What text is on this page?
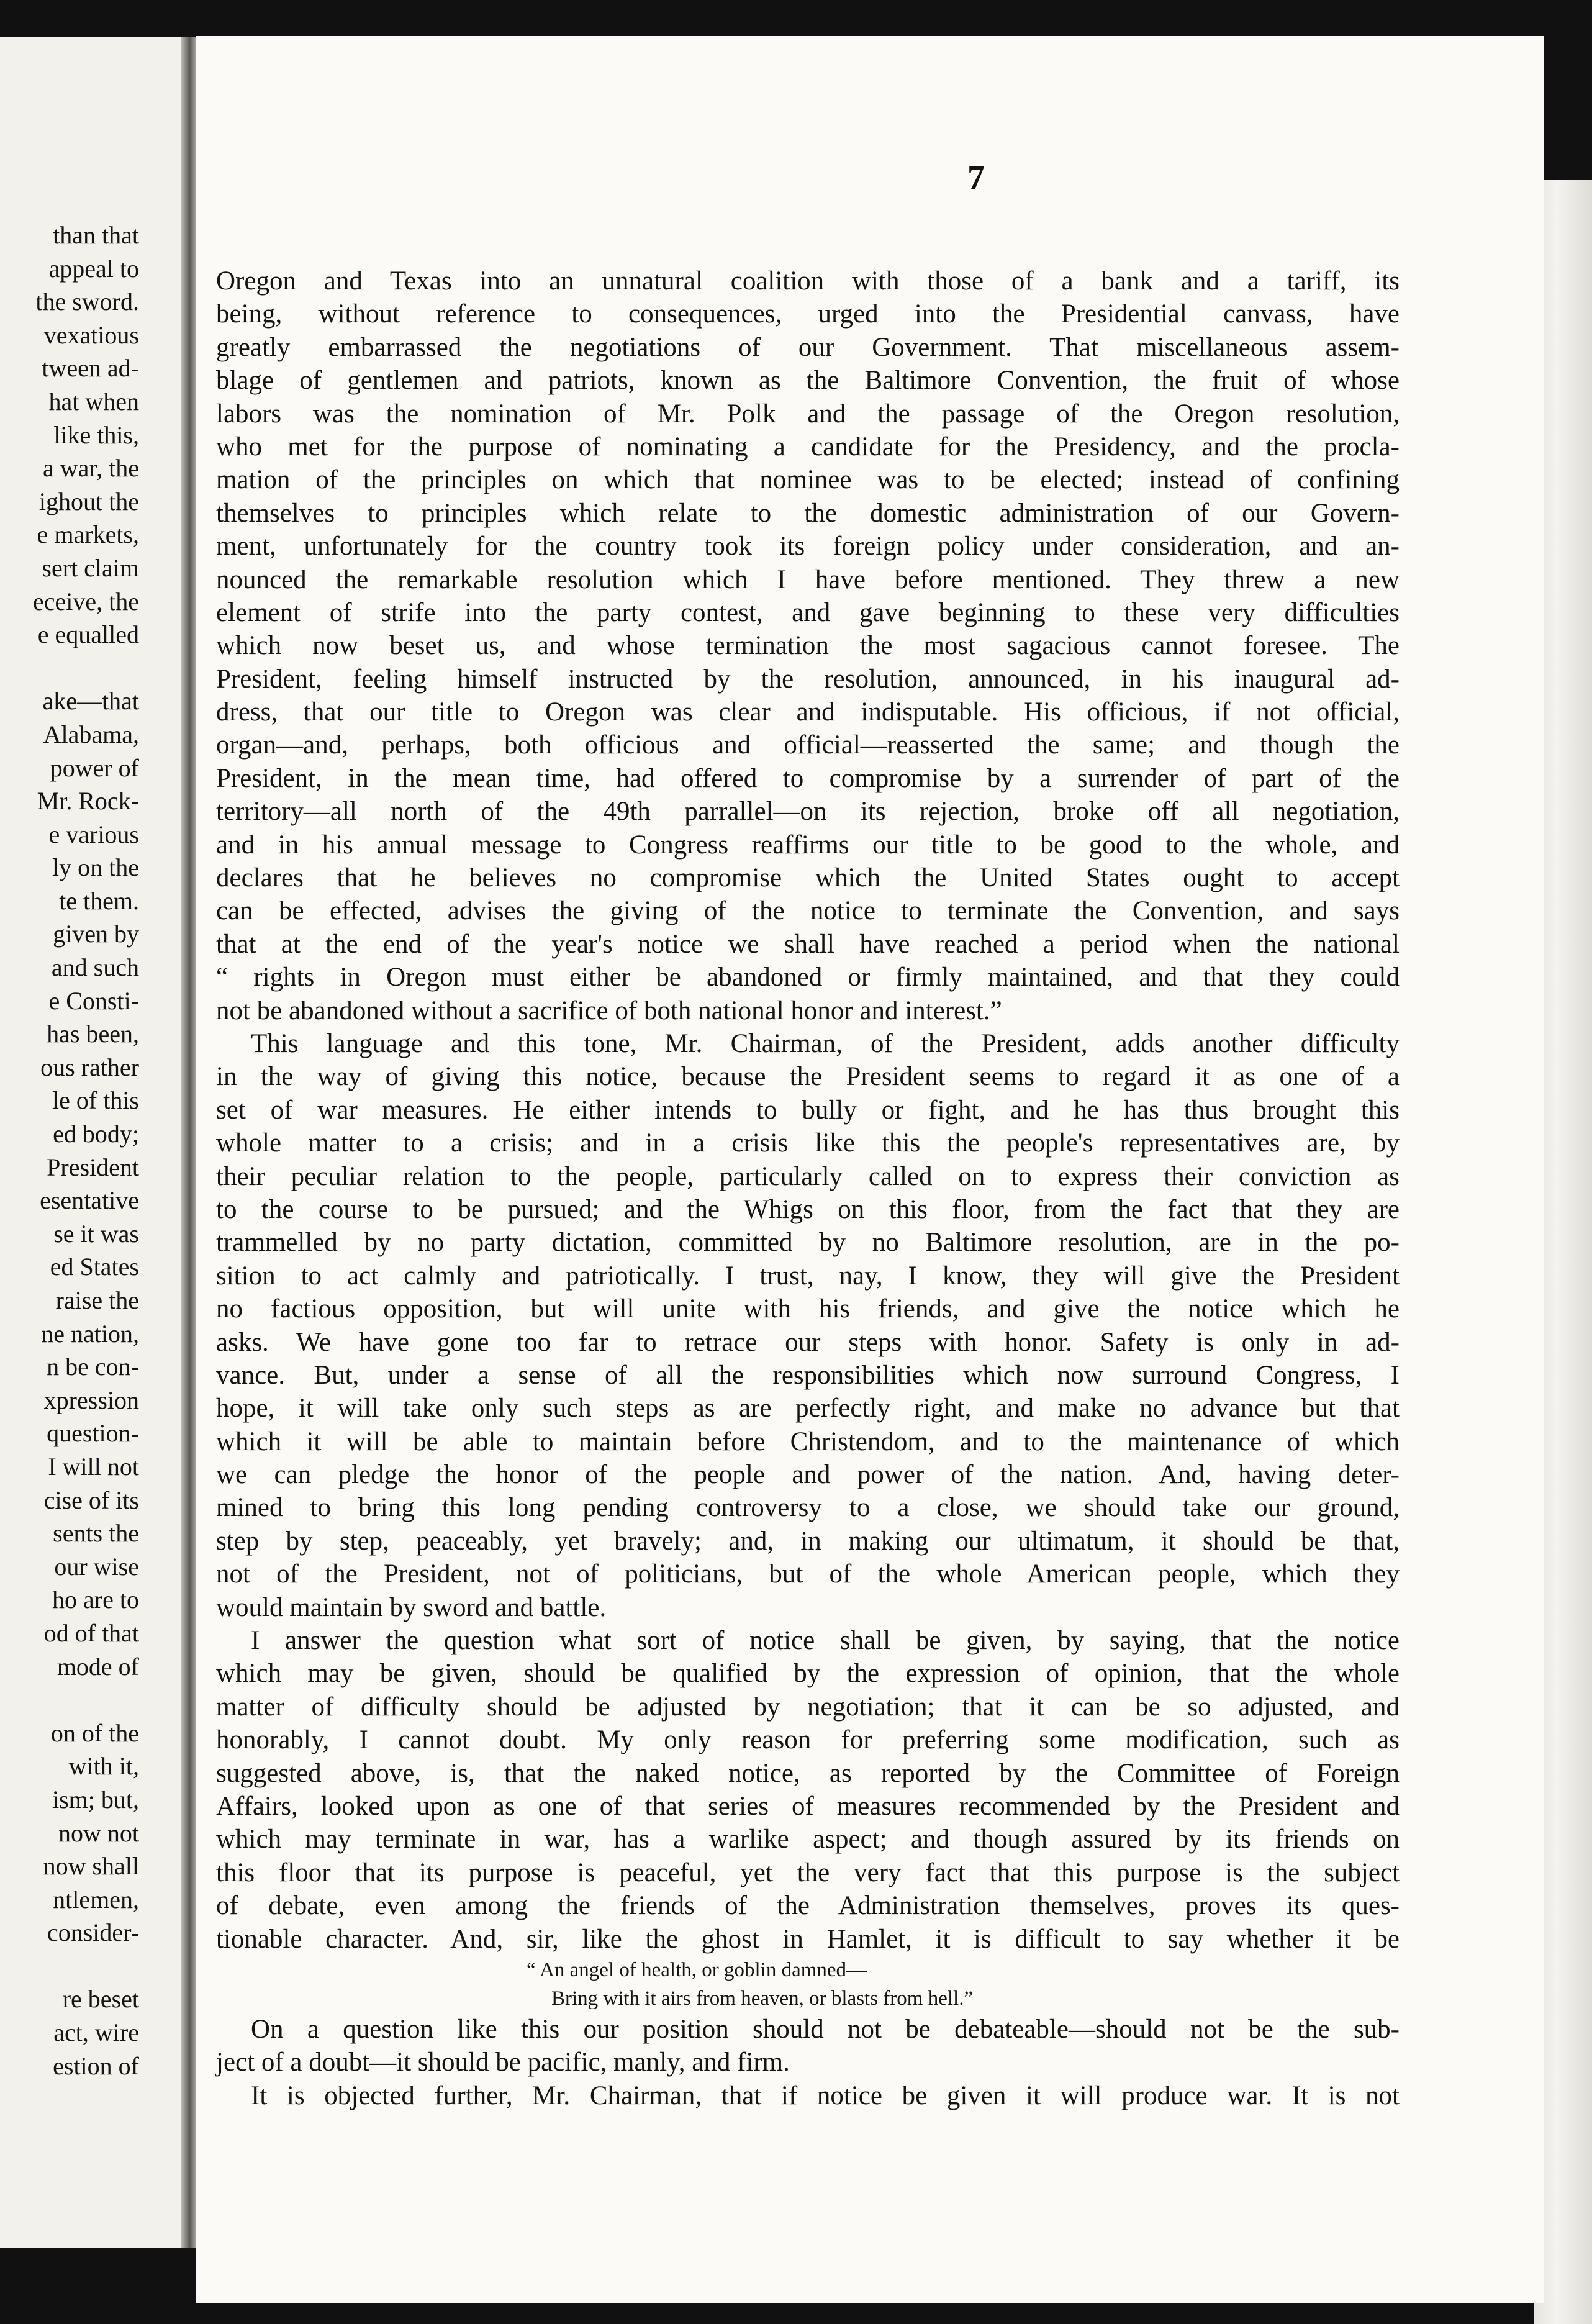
than that
appeal to
the sword.
vexatious
tween ad-
hat when
like this,
a war, the
ighout the
e markets,
sert claim
eceive, the
e equalled
ake—that
Alabama,
power of
Mr. Rock-
e various
ly on the
te them.
given by
and such
e Consti-
has been,
ous rather
le of this
ed body;
President
esentative
se it was
ed States
raise the
ne nation,
n be con-
xpression
question-
I will not
cise of its
sents the
our wise
ho are to
od of that
mode of
on of the
with it,
ism; but,
now not
now shall
ntlemen,
consider-
re beset
act, wire
estion of
7
Oregon and Texas into an unnatural coalition with those of a bank and a tariff, its
being, without reference to consequences, urged into the Presidential canvass, have
greatly embarrassed the negotiations of our Government. That miscellaneous assem-
blage of gentlemen and patriots, known as the Baltimore Convention, the fruit of whose
labors was the nomination of Mr. Polk and the passage of the Oregon resolution,
who met for the purpose of nominating a candidate for the Presidency, and the procla-
mation of the principles on which that nominee was to be elected; instead of confining
themselves to principles which relate to the domestic administration of our Govern-
ment, unfortunately for the country took its foreign policy under consideration, and an-
nounced the remarkable resolution which I have before mentioned. They threw a new
element of strife into the party contest, and gave beginning to these very difficulties
which now beset us, and whose termination the most sagacious cannot foresee. The
President, feeling himself instructed by the resolution, announced, in his inaugural ad-
dress, that our title to Oregon was clear and indisputable. His officious, if not official,
organ—and, perhaps, both officious and official—reasserted the same; and though the
President, in the mean time, had offered to compromise by a surrender of part of the
territory—all north of the 49th parrallel—on its rejection, broke off all negotiation,
and in his annual message to Congress reaffirms our title to be good to the whole, and
declares that he believes no compromise which the United States ought to accept
can be effected, advises the giving of the notice to terminate the Convention, and says
that at the end of the year's notice we shall have reached a period when the national
“ rights in Oregon must either be abandoned or firmly maintained, and that they could
not be abandoned without a sacrifice of both national honor and interest.”
This language and this tone, Mr. Chairman, of the President, adds another difficulty
in the way of giving this notice, because the President seems to regard it as one of a
set of war measures. He either intends to bully or fight, and he has thus brought this
whole matter to a crisis; and in a crisis like this the people's representatives are, by
their peculiar relation to the people, particularly called on to express their conviction as
to the course to be pursued; and the Whigs on this floor, from the fact that they are
trammelled by no party dictation, committed by no Baltimore resolution, are in the po-
sition to act calmly and patriotically. I trust, nay, I know, they will give the President
no factious opposition, but will unite with his friends, and give the notice which he
asks. We have gone too far to retrace our steps with honor. Safety is only in ad-
vance. But, under a sense of all the responsibilities which now surround Congress, I
hope, it will take only such steps as are perfectly right, and make no advance but that
which it will be able to maintain before Christendom, and to the maintenance of which
we can pledge the honor of the people and power of the nation. And, having deter-
mined to bring this long pending controversy to a close, we should take our ground,
step by step, peaceably, yet bravely; and, in making our ultimatum, it should be that,
not of the President, not of politicians, but of the whole American people, which they
would maintain by sword and battle.
I answer the question what sort of notice shall be given, by saying, that the notice
which may be given, should be qualified by the expression of opinion, that the whole
matter of difficulty should be adjusted by negotiation; that it can be so adjusted, and
honorably, I cannot doubt. My only reason for preferring some modification, such as
suggested above, is, that the naked notice, as reported by the Committee of Foreign
Affairs, looked upon as one of that series of measures recommended by the President and
which may terminate in war, has a warlike aspect; and though assured by its friends on
this floor that its purpose is peaceful, yet the very fact that this purpose is the subject
of debate, even among the friends of the Administration themselves, proves its ques-
tionable character. And, sir, like the ghost in Hamlet, it is difficult to say whether it be
“ An angel of health, or goblin damned—
Bring with it airs from heaven, or blasts from hell.”
On a question like this our position should not be debateable—should not be the sub-
ject of a doubt—it should be pacific, manly, and firm.
It is objected further, Mr. Chairman, that if notice be given it will produce war. It is not
